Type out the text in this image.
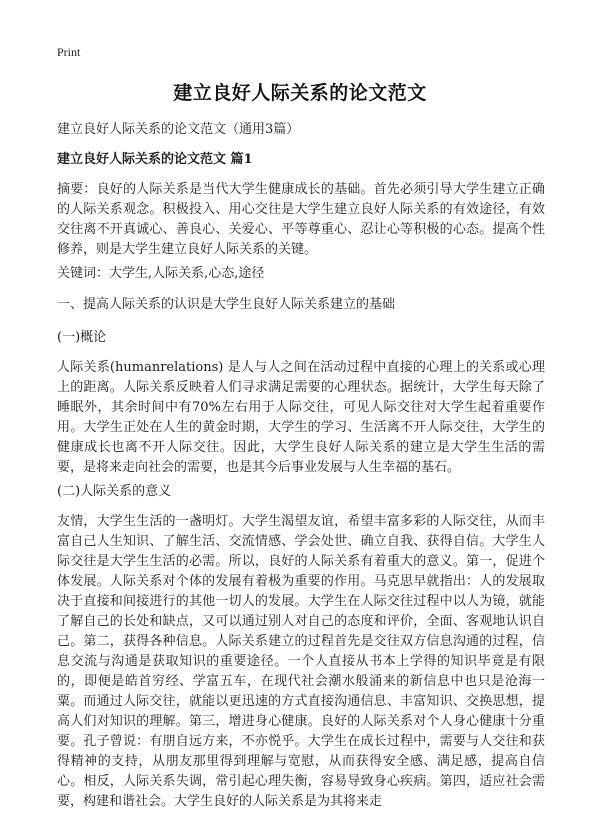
Print
建立良好人际关系的论文范文
建立良好人际关系的论文范文（通用3篇）
建立良好人际关系的论文范文 篇1
摘要：良好的人际关系是当代大学生健康成长的基础。首先必须引导大学生建立正确的人际关系观念。积极投入、用心交往是大学生建立良好人际关系的有效途径，有效交往离不开真诚心、善良心、关爱心、平等尊重心、忍让心等积极的心态。提高个性修养，则是大学生建立良好人际关系的关键。
关键词：大学生,人际关系,心态,途径
一、提高人际关系的认识是大学生良好人际关系建立的基础
(一)概论
人际关系(humanrelations) 是人与人之间在活动过程中直接的心理上的关系或心理上的距离。人际关系反映着人们寻求满足需要的心理状态。据统计，大学生每天除了睡眠外，其余时间中有70%左右用于人际交往，可见人际交往对大学生起着重要作用。大学生正处在人生的黄金时期，大学生的学习、生活离不开人际交往，大学生的健康成长也离不开人际交往。因此，大学生良好人际关系的建立是大学生生活的需要，是将来走向社会的需要，也是其今后事业发展与人生幸福的基石。
(二)人际关系的意义
友情，大学生生活的一盏明灯。大学生渴望友谊，希望丰富多彩的人际交往，从而丰富自己人生知识、了解生活、交流情感、学会处世、确立自我、获得自信。大学生人际交往是大学生生活的必需。所以，良好的人际关系有着重大的意义。第一，促进个体发展。人际关系对个体的发展有着极为重要的作用。马克思早就指出：人的发展取决于直接和间接进行的其他一切人的发展。大学生在人际交往过程中以人为镜，就能了解自己的长处和缺点，又可以通过别人对自己的态度和评价，全面、客观地认识自己。第二，获得各种信息。人际关系建立的过程首先是交往双方信息沟通的过程，信息交流与沟通是获取知识的重要途径。一个人直接从书本上学得的知识毕竟是有限的，即便是皓首穷经、学富五车，在现代社会潮水般涌来的新信息中也只是沧海一粟。而通过人际交往，就能以更迅速的方式直接沟通信息、丰富知识、交换思想，提高人们对知识的理解。第三，增进身心健康。良好的人际关系对个人身心健康十分重要。孔子曾说：有朋自远方来，不亦悦乎。大学生在成长过程中，需要与人交往和获得精神的支持，从朋友那里得到理解与宽慰，从而获得安全感、满足感，提高自信心。相反，人际关系失调，常引起心理失衡，容易导致身心疾病。第四，适应社会需要，构建和谐社会。大学生良好的人际关系是为其将来走
